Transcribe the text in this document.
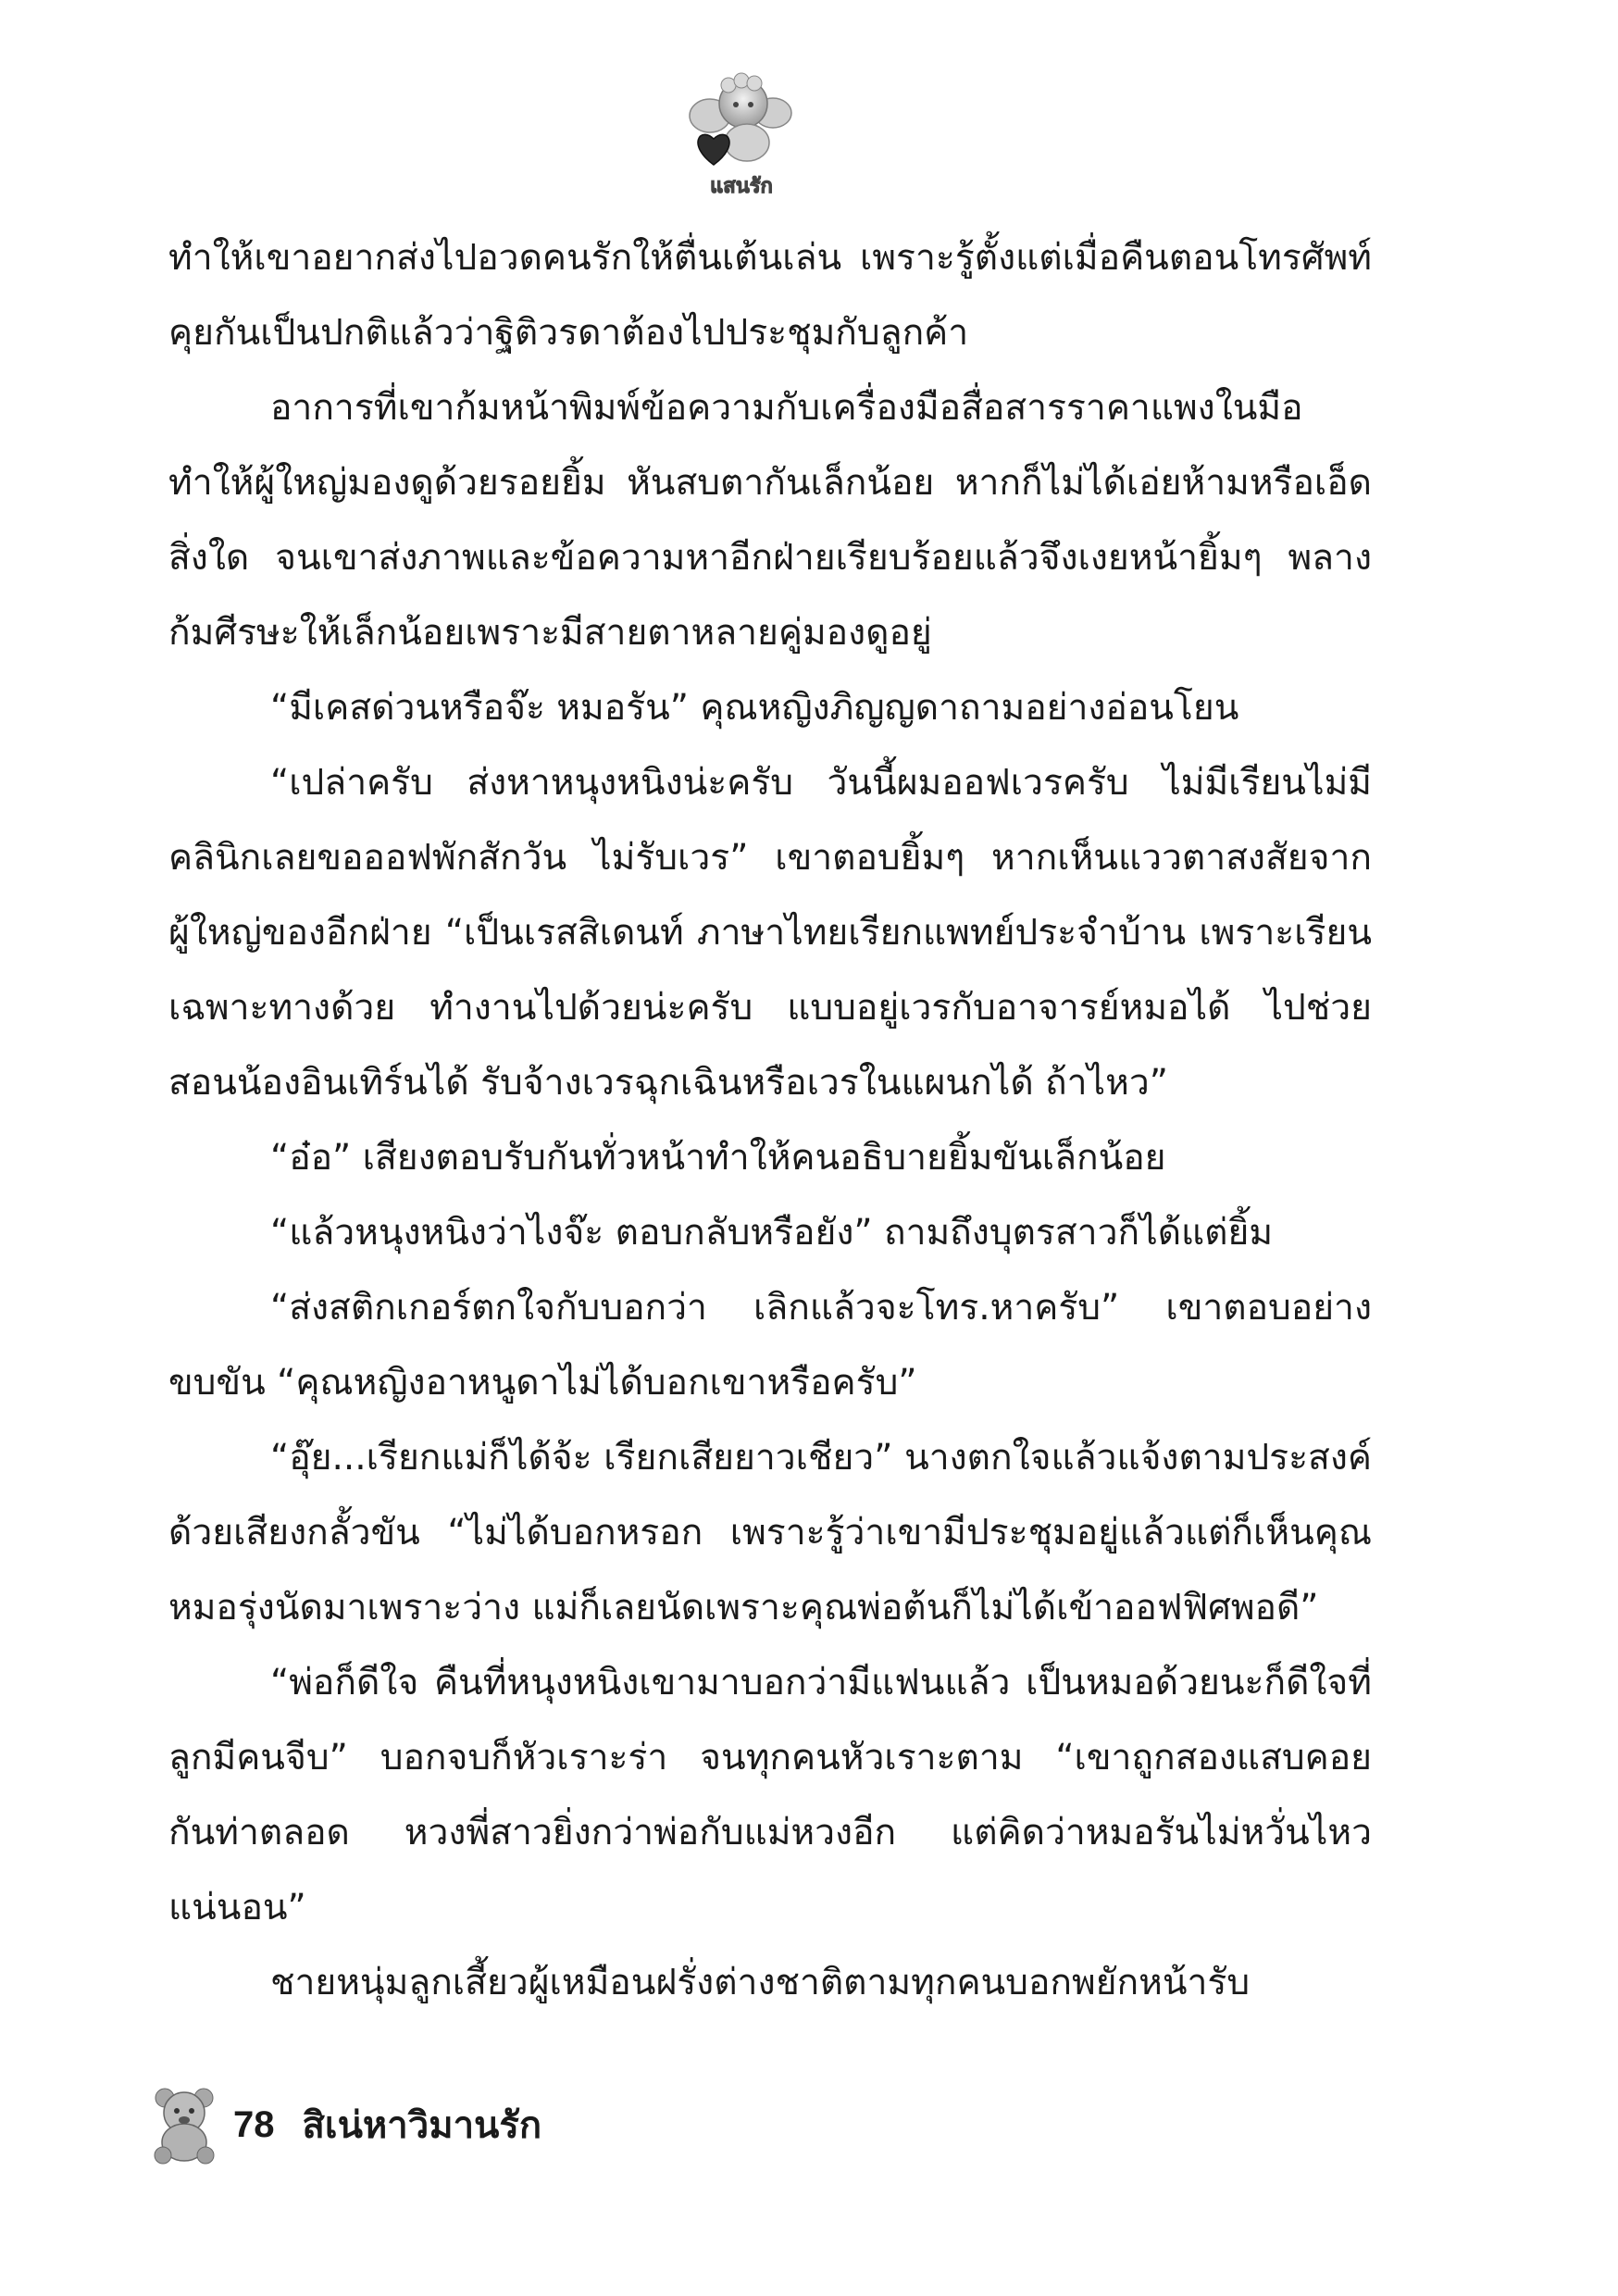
แสนรัก

ทำให้เขาอยากส่งไปอวดคนรักให้ตื่นเต้นเล่น เพราะรู้ตั้งแต่เมื่อคืนตอนโทรศัพท์คุยกันเป็นปกติแล้วว่าฐิติวรดาต้องไปประชุมกับลูกค้า

อาการที่เขาก้มหน้าพิมพ์ข้อความกับเครื่องมือสื่อสารราคาแพงในมือทำให้ผู้ใหญ่มองดูด้วยรอยยิ้ม หันสบตากันเล็กน้อย หากก็ไม่ได้เอ่ยห้ามหรือเอ็ดสิ่งใด จนเขาส่งภาพและข้อความหาอีกฝ่ายเรียบร้อยแล้วจึงเงยหน้ายิ้มๆ พลางก้มศีรษะให้เล็กน้อยเพราะมีสายตาหลายคู่มองดูอยู่

“มีเคสด่วนหรือจ๊ะ หมอรัน” คุณหญิงภิญญดาถามอย่างอ่อนโยน

“เปล่าครับ ส่งหาหนุงหนิงน่ะครับ วันนี้ผมออฟเวรครับ ไม่มีเรียนไม่มีคลินิกเลยขอออฟพักสักวัน ไม่รับเวร” เขาตอบยิ้มๆ หากเห็นแววตาสงสัยจากผู้ใหญ่ของอีกฝ่าย “เป็นเรสสิเดนท์ ภาษาไทยเรียกแพทย์ประจำบ้าน เพราะเรียนเฉพาะทางด้วย ทำงานไปด้วยน่ะครับ แบบอยู่เวรกับอาจารย์หมอได้ ไปช่วยสอนน้องอินเทิร์นได้ รับจ้างเวรฉุกเฉินหรือเวรในแผนกได้ ถ้าไหว”

“อ๋อ” เสียงตอบรับกันทั่วหน้าทำให้คนอธิบายยิ้มขันเล็กน้อย

“แล้วหนุงหนิงว่าไงจ๊ะ ตอบกลับหรือยัง” ถามถึงบุตรสาวก็ได้แต่ยิ้ม

“ส่งสติกเกอร์ตกใจกับบอกว่า เลิกแล้วจะโทร.หาครับ” เขาตอบอย่างขบขัน “คุณหญิงอาหนูดาไม่ได้บอกเขาหรือครับ”

“อุ๊ย...เรียกแม่ก็ได้จ้ะ เรียกเสียยาวเชียว” นางตกใจแล้วแจ้งตามประสงค์ด้วยเสียงกลั้วขัน “ไม่ได้บอกหรอก เพราะรู้ว่าเขามีประชุมอยู่แล้วแต่ก็เห็นคุณหมอรุ่งนัดมาเพราะว่าง แม่ก็เลยนัดเพราะคุณพ่อต้นก็ไม่ได้เข้าออฟฟิศพอดี”

“พ่อก็ดีใจ คืนที่หนุงหนิงเขามาบอกว่ามีแฟนแล้ว เป็นหมอด้วยนะก็ดีใจที่ลูกมีคนจีบ” บอกจบก็หัวเราะร่า จนทุกคนหัวเราะตาม “เขาถูกสองแสบคอยกันท่าตลอด หวงพี่สาวยิ่งกว่าพ่อกับแม่หวงอีก แต่คิดว่าหมอรันไม่หวั่นไหวแน่นอน”

ชายหนุ่มลูกเสี้ยวผู้เหมือนฝรั่งต่างชาติตามทุกคนบอกพยักหน้ารับ

78 สิเน่หาวิมานรัก
